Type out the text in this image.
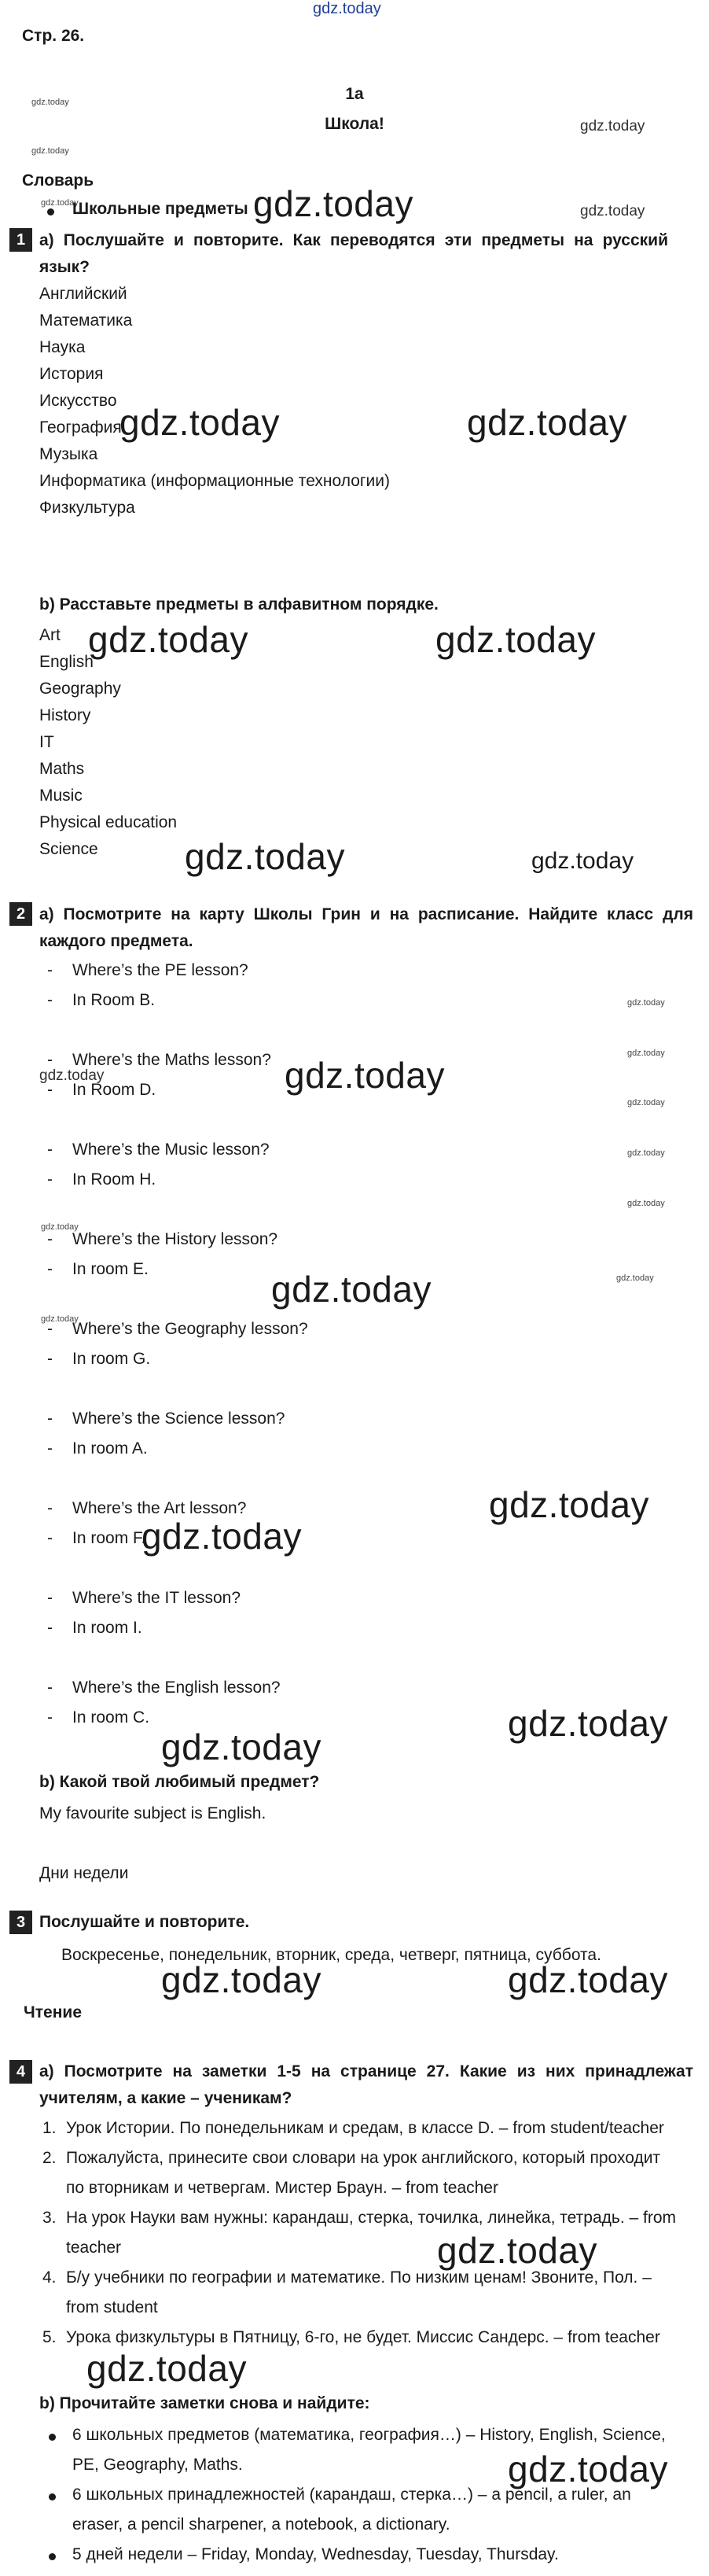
gdz.today
Стр. 26.
1a
Школа!
gdz.today
gdz.today
gdz.today
gdz.today	gdz.today
Словарь
Школьные предметы gdz.today
1 a) Послушайте и повторите. Как переводятся эти предметы на русский
язык?
Английский
Математика
Наука
История
Искусство
География
Музыка
Информатика (информационные технологии)
Физкультура
gdz.today	gdz.today
b) Расставьте предметы в алфавитном порядке.
Art
English
Geography
History
IT
Maths
Music
Physical education
Science
gdz.today	gdz.today
gdz.today	gdz.today
2 a) Посмотрите на карту Школы Грин и на расписание. Найдите класс для
каждого предмета.
- Where’s the PE lesson?
- In Room B.
- Where’s the Maths lesson?
- In Room D.
- Where’s the Music lesson?
- In Room H.
- Where’s the History lesson?
- In room E.
- Where’s the Geography lesson?
- In room G.
- Where’s the Science lesson?
- In room A.
- Where’s the Art lesson?
- In room F.
- Where’s the IT lesson?
- In room I.
- Where’s the English lesson?
- In room C.
gdz.today
gdz.today
gdz.today
gdz.today
gdz.today
gdz.today
gdz.today
gdz.today
gdz.today
gdz.today
gdz.today
gdz.today
gdz.today
gdz.today
gdz.today
b) Какой твой любимый предмет?
My favourite subject is English.
Дни недели
3 Послушайте и повторите.
Воскресенье, понедельник, вторник, среда, четверг, пятница, суббота.
gdz.today	gdz.today
Чтение
4 a) Посмотрите на заметки 1-5 на странице 27. Какие из них принадлежат
учителям, а какие – ученикам?
1. Урок Истории. По понедельникам и средам, в классе D. – from student/teacher
2. Пожалуйста, принесите свои словари на урок английского, который проходит
по вторникам и четвергам. Мистер Браун. – from teacher
3. На урок Науки вам нужны: карандаш, стерка, точилка, линейка, тетрадь. – from
teacher
4. Б/у учебники по географии и математике. По низким ценам! Звоните, Пол. –
from student
5. Урока физкультуры в Пятницу, 6-го, не будет. Миссис Сандерс. – from teacher
b) Прочитайте заметки снова и найдите:
6 школьных предметов (математика, география…) – History, English, Science,
PE, Geography, Maths.
6 школьных принадлежностей (карандаш, стерка…) – a pencil, a ruler, an
eraser, a pencil sharpener, a notebook, a dictionary.
5 дней недели – Friday, Monday, Wednesday, Tuesday, Thursday.
gdz.today
gdz.today
gdz.today
